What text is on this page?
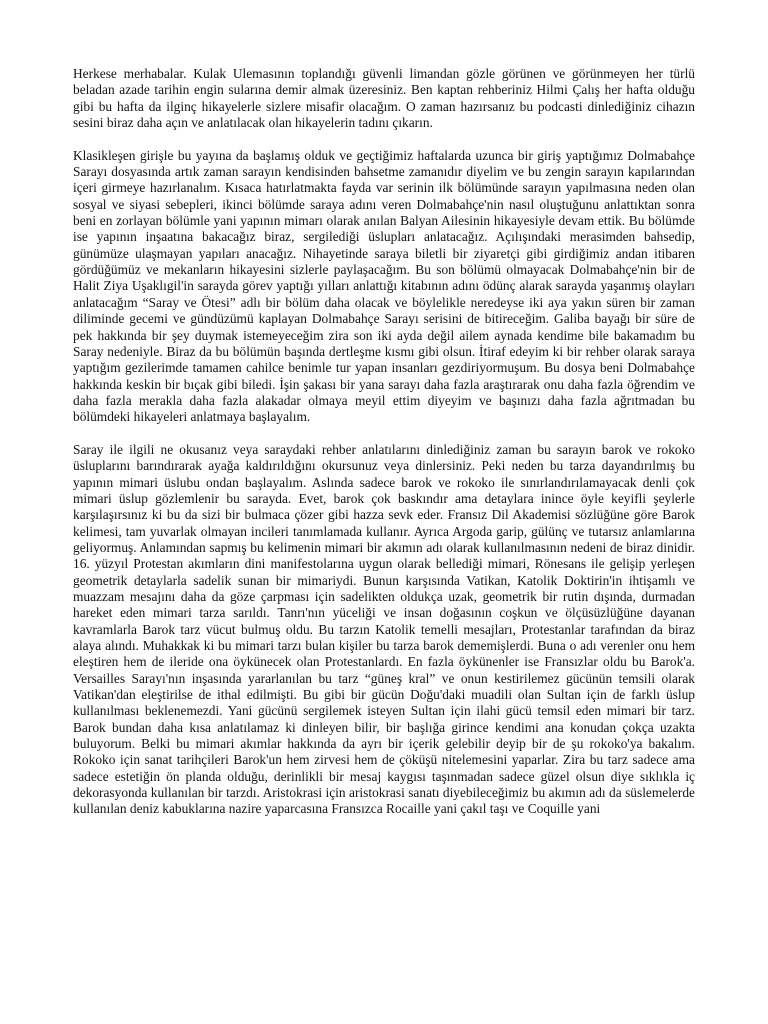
Herkese merhabalar. Kulak Ulemasının toplandığı güvenli limandan gözle görünen ve görünmeyen her türlü beladan azade tarihin engin sularına demir almak üzeresiniz. Ben kaptan rehberiniz Hilmi Çalış her hafta olduğu gibi bu hafta da ilginç hikayelerle sizlere misafir olacağım. O zaman hazırsanız bu podcasti dinlediğiniz cihazın sesini biraz daha açın ve anlatılacak olan hikayelerin tadını çıkarın.

Klasikleşen girişle bu yayına da başlamış olduk ve geçtiğimiz haftalarda uzunca bir giriş yaptığımız Dolmabahçe Sarayı dosyasında artık zaman sarayın kendisinden bahsetme zamanıdır diyelim ve bu zengin sarayın kapılarından içeri girmeye hazırlanalım. Kısaca hatırlatmakta fayda var serinin ilk bölümünde sarayın yapılmasına neden olan sosyal ve siyasi sebepleri, ikinci bölümde saraya adını veren Dolmabahçe'nin nasıl oluştuğunu anlattıktan sonra beni en zorlayan bölümle yani yapının mimarı olarak anılan Balyan Ailesinin hikayesiyle devam ettik. Bu bölümde ise yapının inşaatına bakacağız biraz, sergilediği üslupları anlatacağız. Açılışındaki merasimden bahsedip, günümüze ulaşmayan yapıları anacağız. Nihayetinde saraya biletli bir ziyaretçi gibi girdiğimiz andan itibaren gördüğümüz ve mekanların hikayesini sizlerle paylaşacağım. Bu son bölümü olmayacak Dolmabahçe'nin bir de Halit Ziya Uşaklıgil'in sarayda görev yaptığı yılları anlattığı kitabının adını ödünç alarak sarayda yaşanmış olayları anlatacağım “Saray ve Ötesi” adlı bir bölüm daha olacak ve böylelikle neredeyse iki aya yakın süren bir zaman diliminde gecemi ve gündüzümü kaplayan Dolmabahçe Sarayı serisini de bitireceğim. Galiba bayağı bir süre de pek hakkında bir şey duymak istemeyeceğim zira son iki ayda değil ailem aynada kendime bile bakamadım bu Saray nedeniyle. Biraz da bu bölümün başında dertleşme kısmı gibi olsun. İtiraf edeyim ki bir rehber olarak saraya yaptığım gezilerimde tamamen cahilce benimle tur yapan insanları gezdiriyormuşum. Bu dosya beni Dolmabahçe hakkında keskin bir bıçak gibi biledi. İşin şakası bir yana sarayı daha fazla araştırarak onu daha fazla öğrendim ve daha fazla merakla daha fazla alakadar olmaya meyil ettim diyeyim ve başınızı daha fazla ağrıtmadan bu bölümdeki hikayeleri anlatmaya başlayalım.

Saray ile ilgili ne okusanız veya saraydaki rehber anlatılarını dinlediğiniz zaman bu sarayın barok ve rokoko üsluplarını barındırarak ayağa kaldırıldığını okursunuz veya dinlersiniz. Peki neden bu tarza dayandırılmış bu yapının mimari üslubu ondan başlayalım. Aslında sadece barok ve rokoko ile sınırlandırılamayacak denli çok mimari üslup gözlemlenir bu sarayda. Evet, barok çok baskındır ama detaylara inince öyle keyifli şeylerle karşılaşırsınız ki bu da sizi bir bulmaca çözer gibi hazza sevk eder. Fransız Dil Akademisi sözlüğüne göre Barok kelimesi, tam yuvarlak olmayan incileri tanımlamada kullanır. Ayrıca Argoda garip, gülünç ve tutarsız anlamlarına geliyormuş. Anlamından sapmış bu kelimenin mimari bir akımın adı olarak kullanılmasının nedeni de biraz dinidir. 16. yüzyıl Protestan akımların dini manifestolarına uygun olarak bellediği mimari, Rönesans ile gelişip yerleşen geometrik detaylarla sadelik sunan bir mimariydi. Bunun karşısında Vatikan, Katolik Doktirin'in ihtişamlı ve muazzam mesajını daha da göze çarpması için sadelikten oldukça uzak, geometrik bir rutin dışında, durmadan hareket eden mimari tarza sarıldı. Tanrı'nın yüceliği ve insan doğasının coşkun ve ölçüsüzlüğüne dayanan kavramlarla Barok tarz vücut bulmuş oldu. Bu tarzın Katolik temelli mesajları, Protestanlar tarafından da biraz alaya alındı. Muhakkak ki bu mimari tarzı bulan kişiler bu tarza barok dememişlerdi. Buna o adı verenler onu hem eleştiren hem de ileride ona öykünecek olan Protestanlardı. En fazla öykünenler ise Fransızlar oldu bu Barok'a. Versailles Sarayı'nın inşasında yararlanılan bu tarz “güneş kral” ve onun kestirilemez gücünün temsili olarak Vatikan'dan eleştirilse de ithal edilmişti. Bu gibi bir gücün Doğu'daki muadili olan Sultan için de farklı üslup kullanılması beklenemezdi. Yani gücünü sergilemek isteyen Sultan için ilahi gücü temsil eden mimari bir tarz. Barok bundan daha kısa anlatılamaz ki dinleyen bilir, bir başlığa girince kendimi ana konudan çokça uzakta buluyorum. Belki bu mimari akımlar hakkında da ayrı bir içerik gelebilir deyip bir de şu rokoko'ya bakalım. Rokoko için sanat tarihçileri Barok'un hem zirvesi hem de çöküşü nitelemesini yaparlar. Zira bu tarz sadece ama sadece estetiğin ön planda olduğu, derinlikli bir mesaj kaygısı taşınmadan sadece güzel olsun diye sıklıkla iç dekorasyonda kullanılan bir tarzdı. Aristokrasi için aristokrasi sanatı diyebileceğimiz bu akımın adı da süslemelerde kullanılan deniz kabuklarına nazire yaparcasına Fransızca Rocaille yani çakıl taşı ve Coquille yani
